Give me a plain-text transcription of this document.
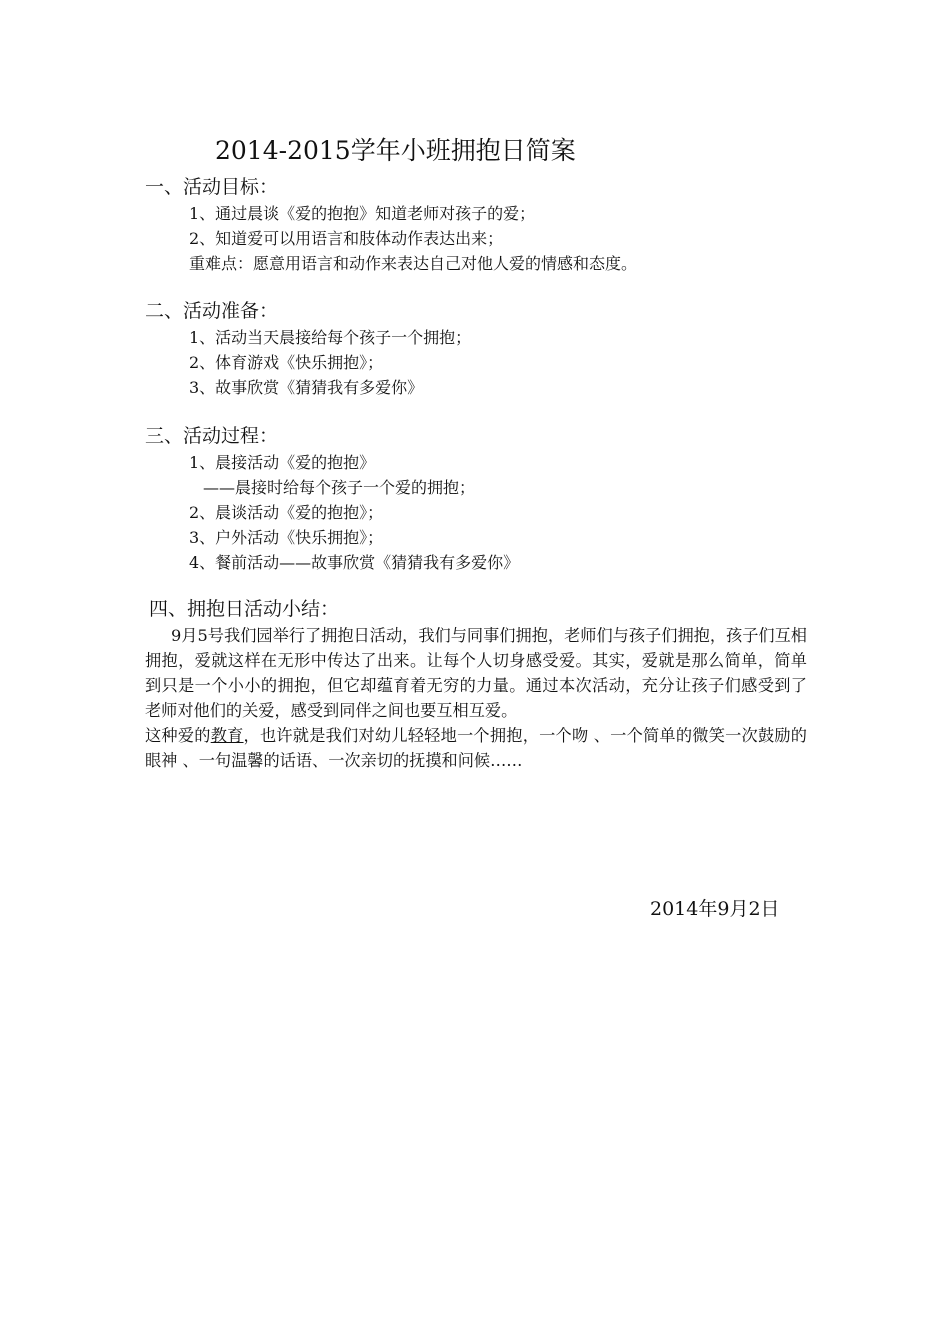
2014-2015学年小班拥抱日简案
一、活动目标：
1、通过晨谈《爱的抱抱》知道老师对孩子的爱；
2、知道爱可以用语言和肢体动作表达出来；
重难点：愿意用语言和动作来表达自己对他人爱的情感和态度。
二、活动准备：
1、活动当天晨接给每个孩子一个拥抱；
2、体育游戏《快乐拥抱》；
3、故事欣赏《猜猜我有多爱你》
三、活动过程：
1、晨接活动《爱的抱抱》
——晨接时给每个孩子一个爱的拥抱；
2、晨谈活动《爱的抱抱》；
3、户外活动《快乐拥抱》；
4、餐前活动——故事欣赏《猜猜我有多爱你》
四、拥抱日活动小结：
9月5号我们园举行了拥抱日活动，我们与同事们拥抱，老师们与孩子们拥抱，孩子们互相拥抱，爱就这样在无形中传达了出来。让每个人切身感受爱。其实，爱就是那么简单，简单到只是一个小小的拥抱，但它却蕴育着无穷的力量。通过本次活动，充分让孩子们感受到了老师对他们的关爱，感受到同伴之间也要互相互爱。
这种爱的教育，也许就是我们对幼儿轻轻地一个拥抱，一个吻 、一个简单的微笑一次鼓励的眼神 、一句温馨的话语、一次亲切的抚摸和问候……
2014年9月2日
